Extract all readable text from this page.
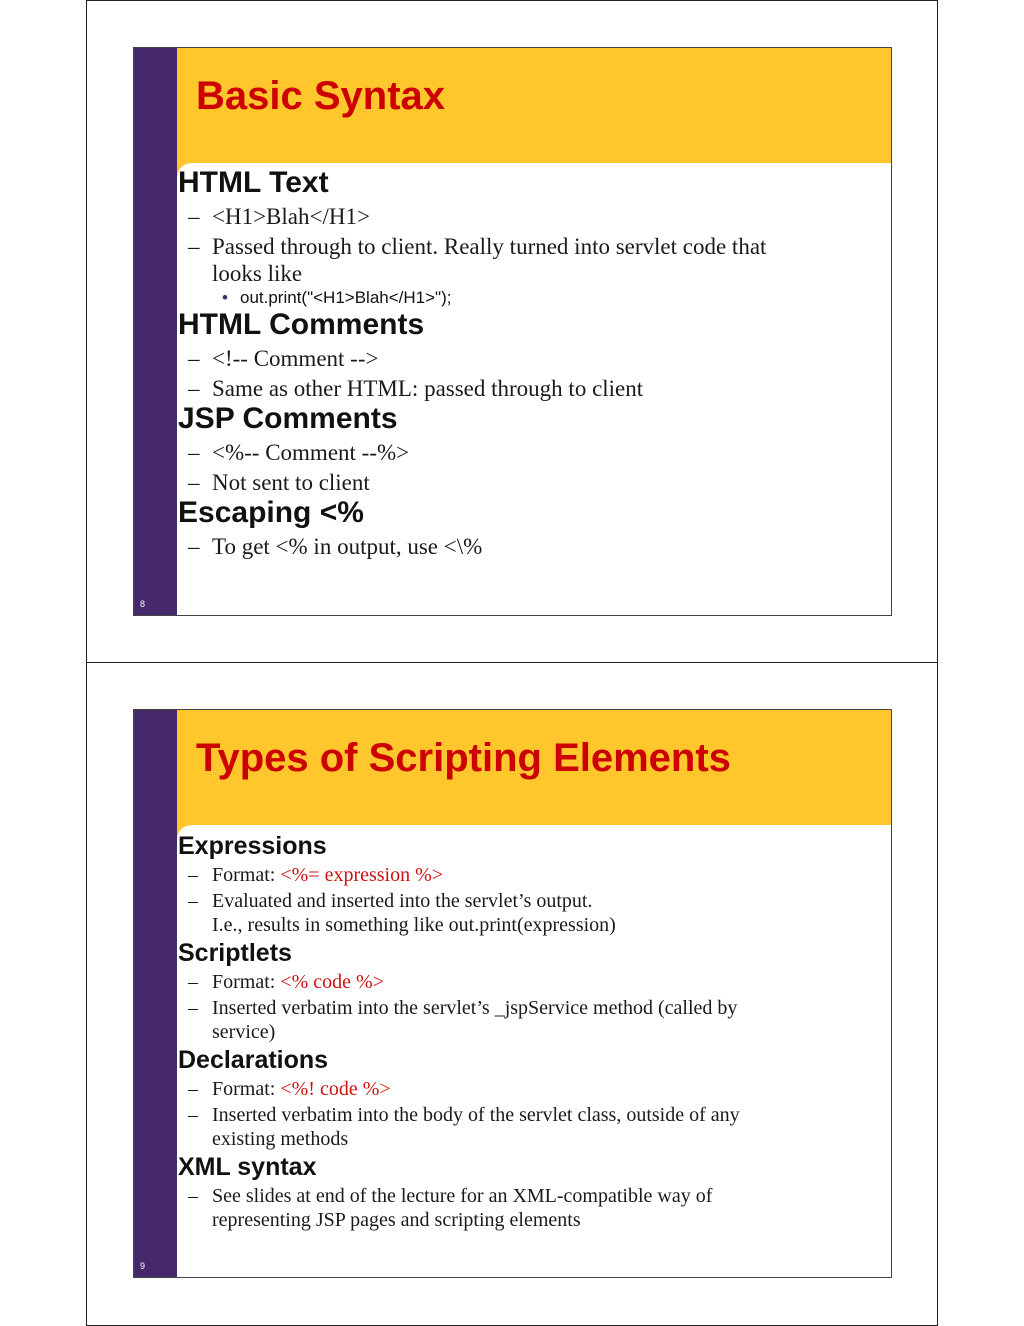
Basic Syntax
8
• HTML Text
– <H1>Blah</H1>
– Passed through to client. Really turned into servlet code that looks like
• out.print("<H1>Blah</H1>");
• HTML Comments
– <!-- Comment -->
– Same as other HTML: passed through to client
• JSP Comments
– <%-- Comment --%>
– Not sent to client
• Escaping <%
– To get <% in output, use <\%
Types of Scripting Elements
9
• Expressions
– Format: <%= expression %>
– Evaluated and inserted into the servlet’s output.
I.e., results in something like out.print(expression)
• Scriptlets
– Format: <% code %>
– Inserted verbatim into the servlet’s _jspService method (called by service)
• Declarations
– Format: <%! code %>
– Inserted verbatim into the body of the servlet class, outside of any existing methods
• XML syntax
– See slides at end of the lecture for an XML-compatible way of representing JSP pages and scripting elements
